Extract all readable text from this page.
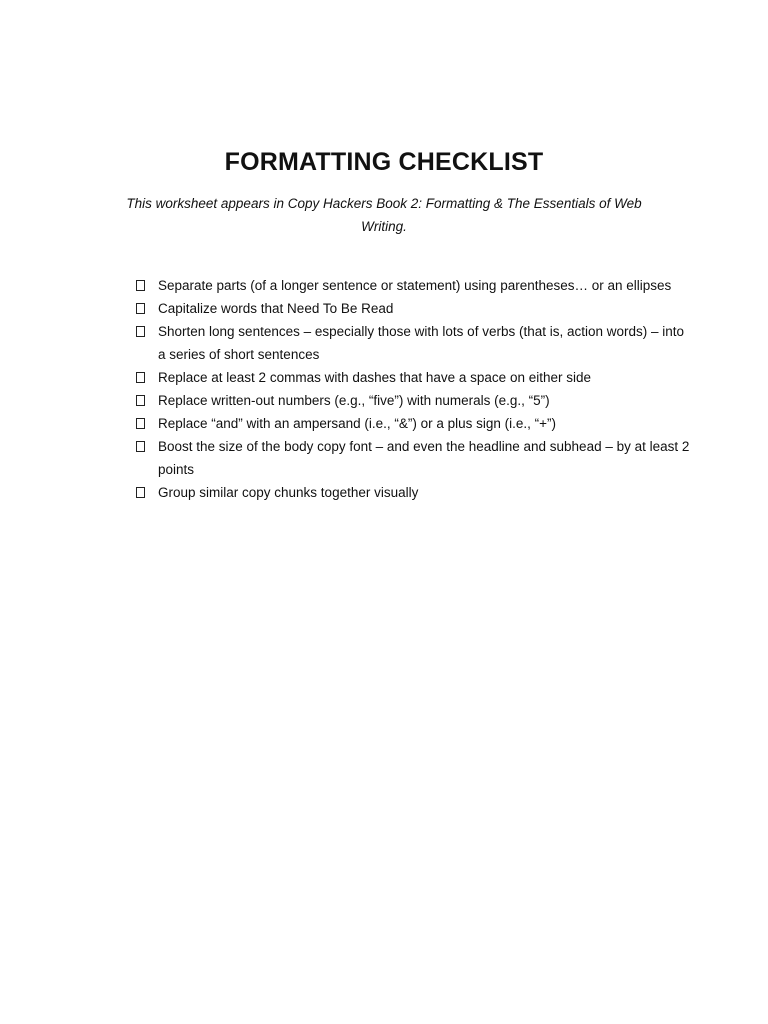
FORMATTING CHECKLIST
This worksheet appears in Copy Hackers Book 2: Formatting & The Essentials of Web Writing.
Separate parts (of a longer sentence or statement) using parentheses… or an ellipses
Capitalize words that Need To Be Read
Shorten long sentences – especially those with lots of verbs (that is, action words) – into a series of short sentences
Replace at least 2 commas with dashes that have a space on either side
Replace written-out numbers (e.g., “five”) with numerals (e.g., “5”)
Replace “and” with an ampersand (i.e., “&”) or a plus sign (i.e., “+”)
Boost the size of the body copy font – and even the headline and subhead – by at least 2 points
Group similar copy chunks together visually
